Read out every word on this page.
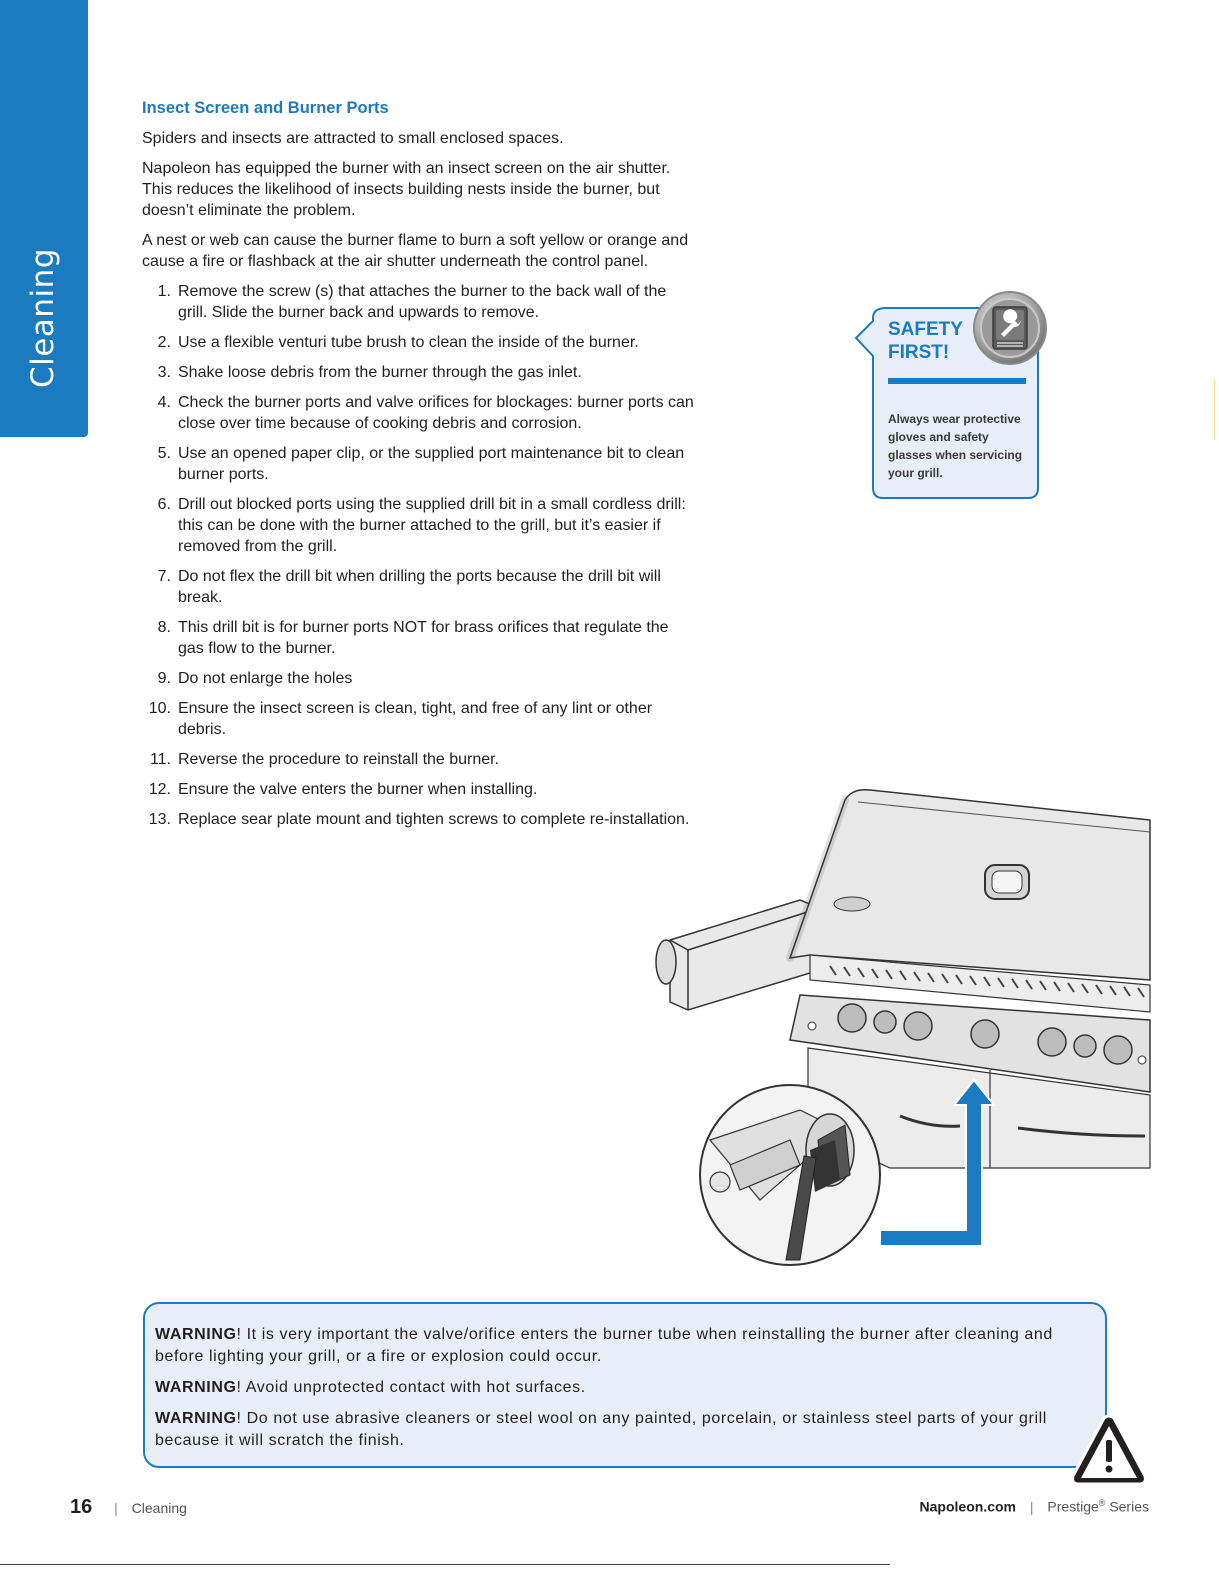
Cleaning
Insect Screen and Burner Ports

Spiders and insects are attracted to small enclosed spaces.

Napoleon has equipped the burner with an insect screen on the air shutter. This reduces the likelihood of insects building nests inside the burner, but doesn’t eliminate the problem.

A nest or web can cause the burner flame to burn a soft yellow or orange and cause a fire or flashback at the air shutter underneath the control panel.

1. Remove the screw (s) that attaches the burner to the back wall of the grill. Slide the burner back and upwards to remove.
2. Use a flexible venturi tube brush to clean the inside of the burner.
3. Shake loose debris from the burner through the gas inlet.
4. Check the burner ports and valve orifices for blockages: burner ports can close over time because of cooking debris and corrosion.
5. Use an opened paper clip, or the supplied port maintenance bit to clean burner ports.
6. Drill out blocked ports using the supplied drill bit in a small cordless drill: this can be done with the burner attached to the grill, but it’s easier if removed from the grill.
7. Do not flex the drill bit when drilling the ports because the drill bit will break.
8. This drill bit is for burner ports NOT for brass orifices that regulate the gas flow to the burner.
9. Do not enlarge the holes
10. Ensure the insect screen is clean, tight, and free of any lint or other debris.
11. Reverse the procedure to reinstall the burner.
12. Ensure the valve enters the burner when installing.
13. Replace sear plate mount and tighten screws to complete re-installation.
SAFETY
FIRST!
Always wear protective gloves and safety glasses when servicing your grill.

WARNING! It is very important the valve/orifice enters the burner tube when reinstalling the burner after cleaning and before lighting your grill, or a fire or explosion could occur.

WARNING! Avoid unprotected contact with hot surfaces.

WARNING! Do not use abrasive cleaners or steel wool on any painted, porcelain, or stainless steel parts of your grill because it will scratch the finish.

16 | Cleaning	Napoleon.com | Prestige® Series
